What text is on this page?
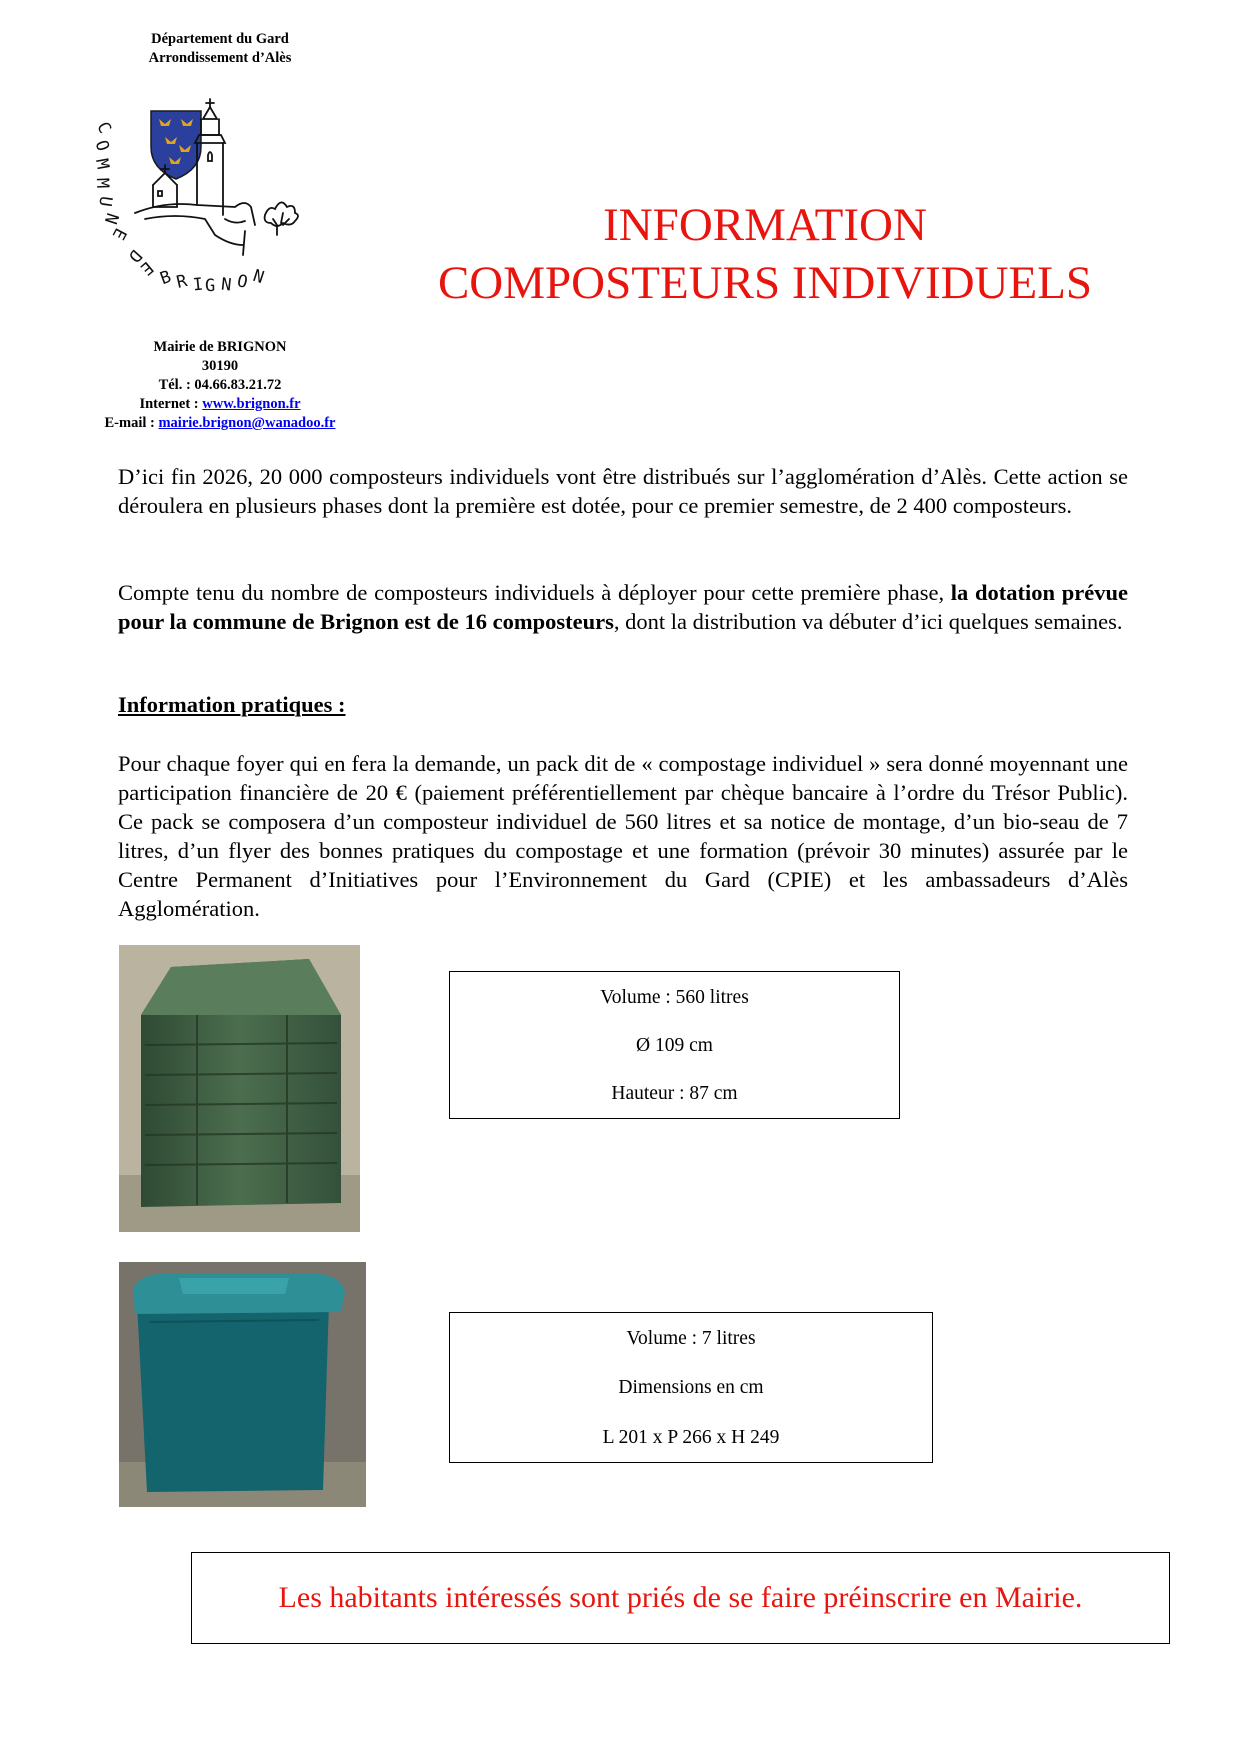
Département du Gard
Arrondissement d’Alès
C
O
M
M
U
N
E
D
E B R I G N O N
Mairie de BRIGNON
30190
Tél. : 04.66.83.21.72
Internet : www.brignon.fr
E-mail : mairie.brignon@wanadoo.fr
INFORMATION
COMPOSTEURS INDIVIDUELS
D’ici fin 2026, 20 000 composteurs individuels vont être distribués sur l’agglomération d’Alès. Cette action se déroulera en plusieurs phases dont la première est dotée, pour ce premier semestre, de 2 400 composteurs.
Compte tenu du nombre de composteurs individuels à déployer pour cette première phase, la dotation prévue pour la commune de Brignon est de 16 composteurs, dont la distribution va débuter d’ici quelques semaines.
Information pratiques :
Pour chaque foyer qui en fera la demande, un pack dit de « compostage individuel » sera donné moyennant une participation financière de 20 € (paiement préférentiellement par chèque bancaire à l’ordre du Trésor Public). Ce pack se composera d’un composteur individuel de 560 litres et sa notice de montage, d’un bio-seau de 7 litres, d’un flyer des bonnes pratiques du compostage et une formation (prévoir 30 minutes) assurée par le Centre Permanent d’Initiatives pour l’Environnement du Gard (CPIE) et les ambassadeurs d’Alès Agglomération.
Volume : 560 litres
Ø 109 cm
Hauteur : 87 cm
Volume : 7 litres
Dimensions en cm
L 201 x P 266 x H 249
Les habitants intéressés sont priés de se faire préinscrire en Mairie.
